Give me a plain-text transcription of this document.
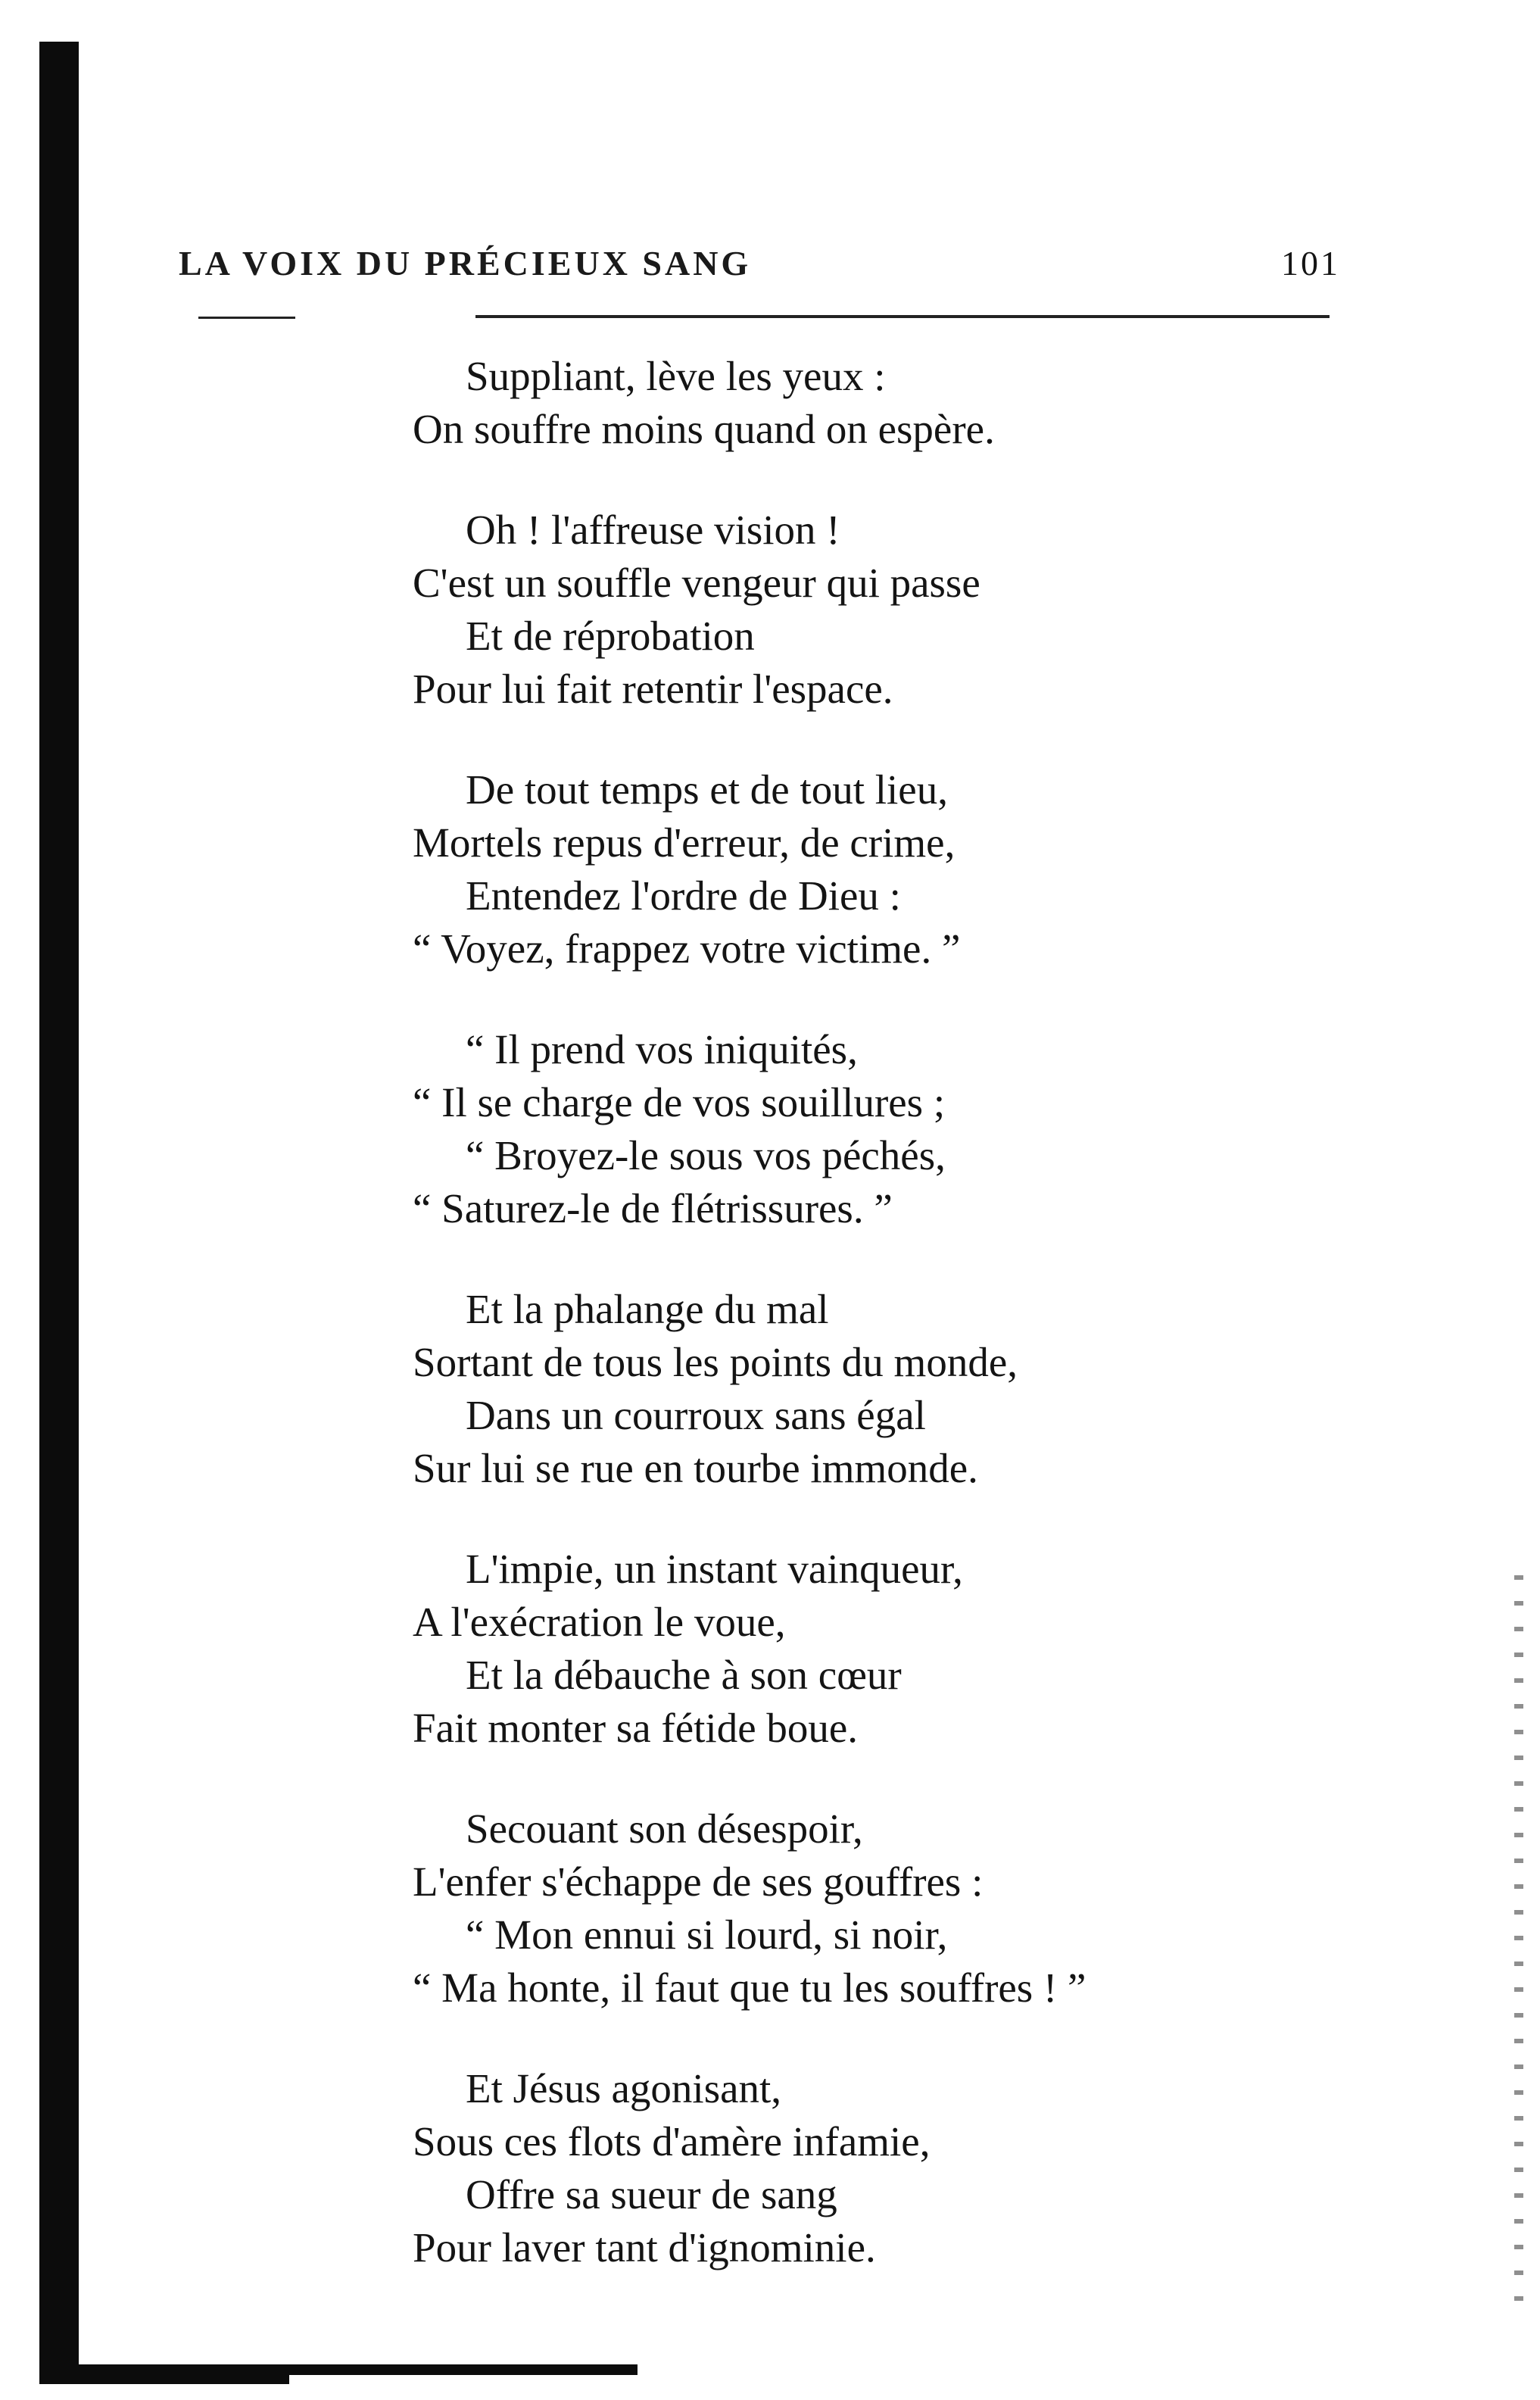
LA VOIX DU PRÉCIEUX SANG	101
Suppliant, lève les yeux :
On souffre moins quand on espère.
Oh ! l'affreuse vision !
C'est un souffle vengeur qui passe
Et de réprobation
Pour lui fait retentir l'espace.
De tout temps et de tout lieu,
Mortels repus d'erreur, de crime,
Entendez l'ordre de Dieu :
“ Voyez, frappez votre victime. ”
“ Il prend vos iniquités,
“ Il se charge de vos souillures ;
“ Broyez-le sous vos péchés,
“ Saturez-le de flétrissures. ”
Et la phalange du mal
Sortant de tous les points du monde,
Dans un courroux sans égal
Sur lui se rue en tourbe immonde.
L'impie, un instant vainqueur,
A l'exécration le voue,
Et la débauche à son cœur
Fait monter sa fétide boue.
Secouant son désespoir,
L'enfer s'échappe de ses gouffres :
“ Mon ennui si lourd, si noir,
“ Ma honte, il faut que tu les souffres ! ”
Et Jésus agonisant,
Sous ces flots d'amère infamie,
Offre sa sueur de sang
Pour laver tant d'ignominie.
